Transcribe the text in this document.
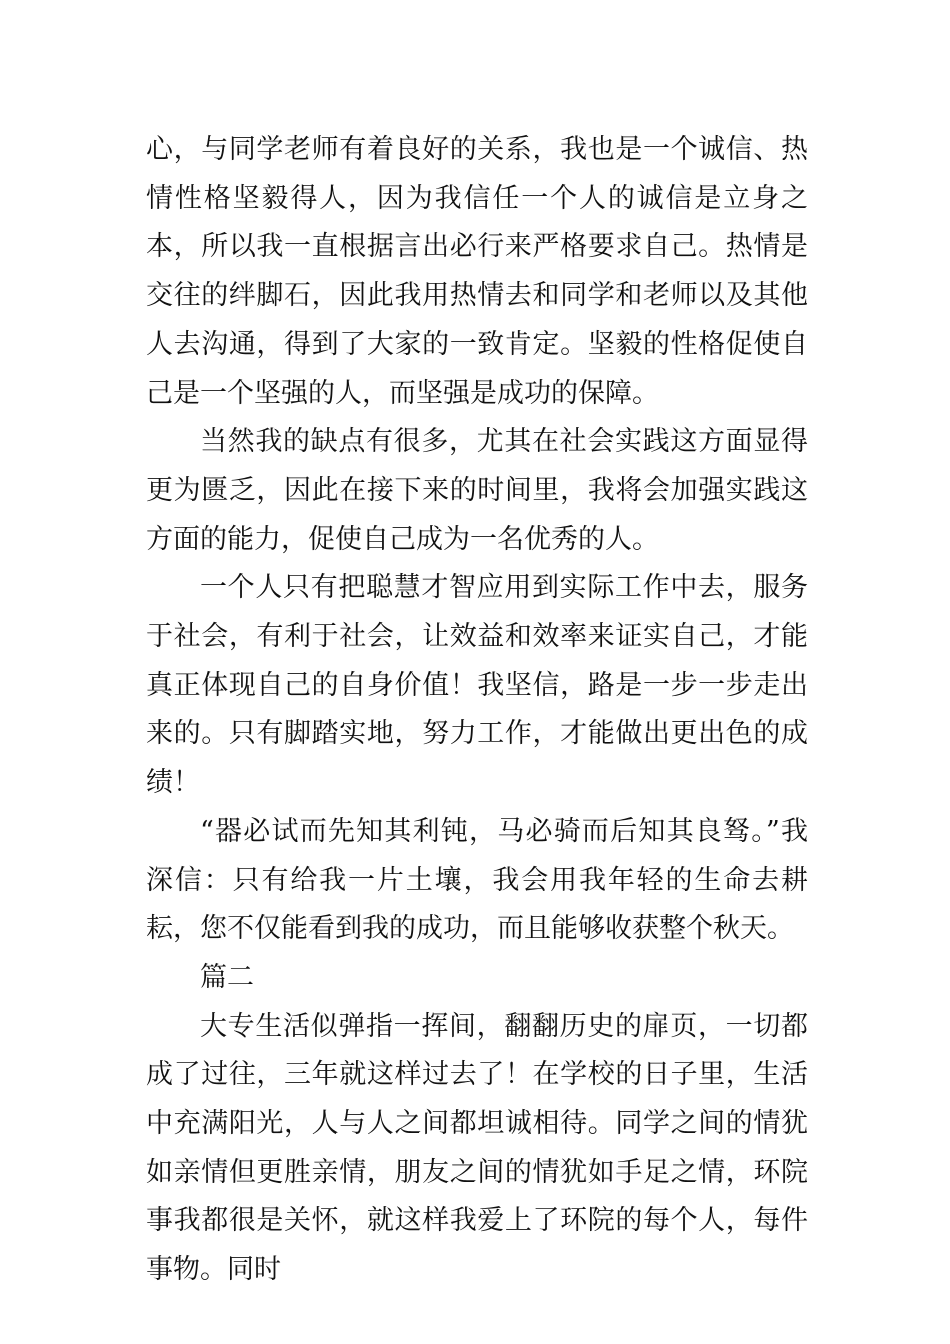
心，与同学老师有着良好的关系，我也是一个诚信、热情性格坚毅得人，因为我信任一个人的诚信是立身之本，所以我一直根据言出必行来严格要求自己。热情是交往的绊脚石，因此我用热情去和同学和老师以及其他人去沟通，得到了大家的一致肯定。坚毅的性格促使自己是一个坚强的人，而坚强是成功的保障。

当然我的缺点有很多，尤其在社会实践这方面显得更为匮乏，因此在接下来的时间里，我将会加强实践这方面的能力，促使自己成为一名优秀的人。

一个人只有把聪慧才智应用到实际工作中去，服务于社会，有利于社会，让效益和效率来证实自己，才能真正体现自己的自身价值！我坚信，路是一步一步走出来的。只有脚踏实地，努力工作，才能做出更出色的成绩！

“器必试而先知其利钝，马必骑而后知其良驽。”我深信：只有给我一片土壤，我会用我年轻的生命去耕耘，您不仅能看到我的成功，而且能够收获整个秋天。

篇二

大专生活似弹指一挥间，翻翻历史的扉页，一切都成了过往，三年就这样过去了！在学校的日子里，生活中充满阳光，人与人之间都坦诚相待。同学之间的情犹如亲情但更胜亲情，朋友之间的情犹如手足之情，环院事我都很是关怀，就这样我爱上了环院的每个人，每件事物。同时
